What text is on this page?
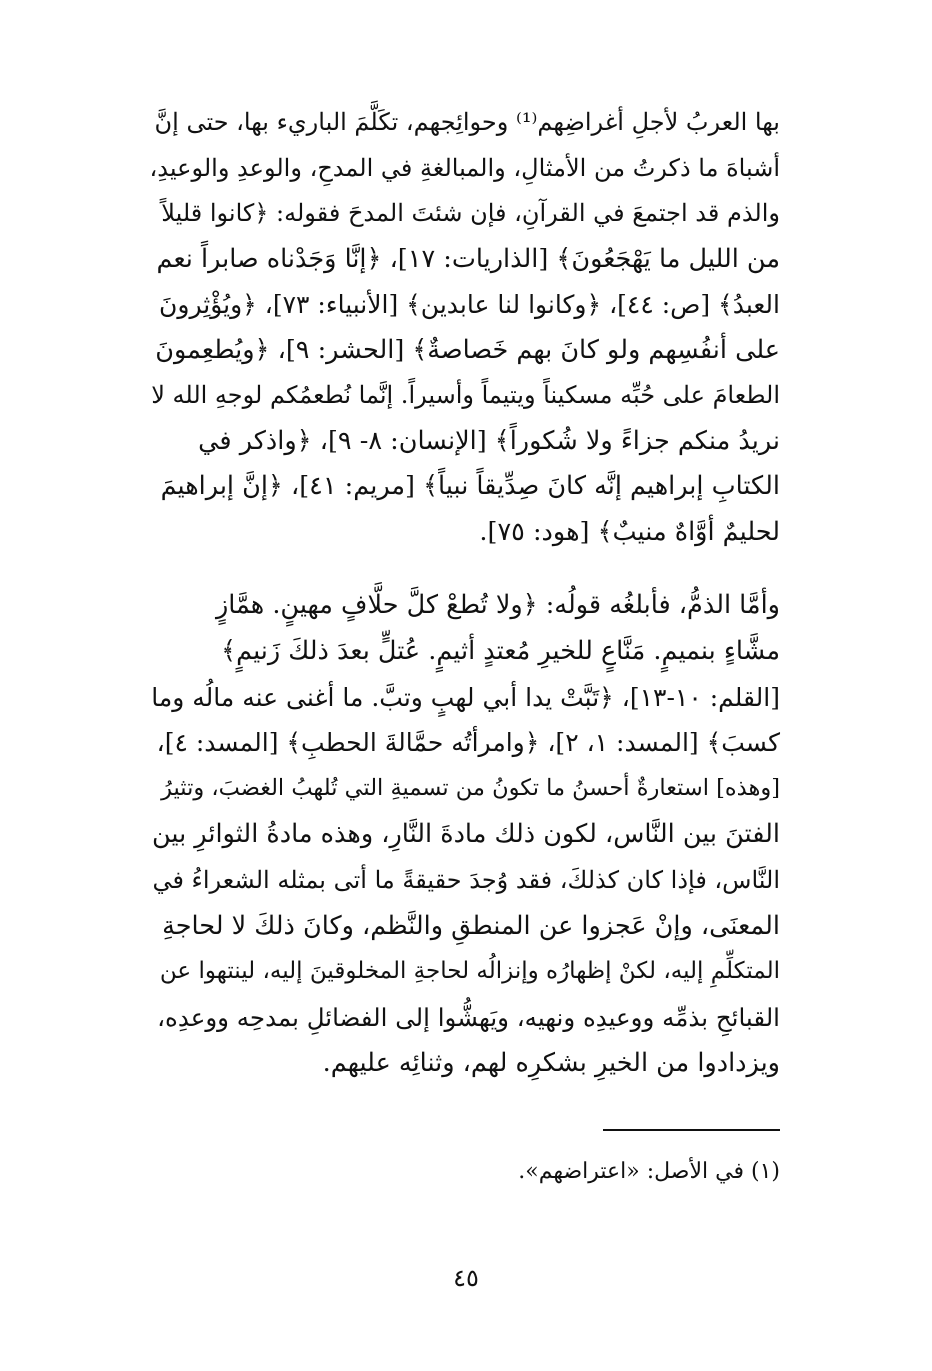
بها العربُ لأجلِ أغراضِهم⁽¹⁾ وحوائِجهم، تكَلَّمَ الباريء بها، حتى إنَّ
أشباهَ ما ذكرتُ من الأمثالِ، والمبالغةِ في المدحِ، والوعدِ والوعيدِ،
والذم قد اجتمعَ في القرآنِ، فإن شئتَ المدحَ فقوله: ﴿كانوا قليلاً
من الليل ما يَهْجَعُونَ﴾ [الذاريات: ١٧]، ﴿إنَّا وَجَدْناه صابراً نعم
العبدُ﴾ [ص: ٤٤]، ﴿وكانوا لنا عابدين﴾ [الأنبياء: ٧٣]، ﴿ويُؤْثِرونَ
على أنفُسِهم ولو كانَ بهم خَصاصةٌ﴾ [الحشر: ٩]، ﴿ويُطعِمونَ
الطعامَ على حُبِّه مسكيناً ويتيماً وأسيراً. إنَّما نُطعمُكم لوجهِ الله لا
نريدُ منكم جزاءً ولا شُكوراً﴾ [الإنسان: ٨- ٩]، ﴿واذكر في
الكتابِ إبراهيم إنَّه كانَ صِدِّيقاً نبياً﴾ [مريم: ٤١]، ﴿إنَّ إبراهيمَ
لحليمٌ أوَّاهٌ منيبٌ﴾ [هود: ٧٥].
وأمَّا الذمُّ، فأبلغُه قولُه: ﴿ولا تُطعْ كلَّ حلَّافٍ مهينٍ. همَّازٍ
مشَّاءٍ بنميمٍ. مَنَّاعٍ للخيرِ مُعتدٍ أثيمٍ. عُتلٍّ بعدَ ذلكَ زَنيمٍ﴾
[القلم: ١٠-١٣]، ﴿تَبَّتْ يدا أبي لهبٍ وتبَّ. ما أغنى عنه مالُه وما
كسبَ﴾ [المسد: ١، ٢]، ﴿وامرأتُه حمَّالةَ الحطبِ﴾ [المسد: ٤]،
[وهذه] استعارةٌ أحسنُ ما تكونُ من تسميةِ التي تُلهبُ الغضبَ، وتثيرُ
الفتنَ بين النَّاس، لكون ذلك مادةَ النَّارِ، وهذه مادةُ الثوائرِ بين
النَّاس، فإذا كان كذلكَ، فقد وُجدَ حقيقةً ما أتى بمثله الشعراءُ في
المعنَى، وإنْ عَجزوا عن المنطقِ والنَّظم، وكانَ ذلكَ لا لحاجةِ
المتكلِّمِ إليه، لكنْ إظهارُه وإنزالُه لحاجةِ المخلوقينَ إليه، لينتهوا عن
القبائحِ بذمِّه ووعيدِه ونهيه، ويَهشُّوا إلى الفضائلِ بمدحِه ووعدِه،
ويزدادوا من الخيرِ بشكرِه لهم، وثنائِه عليهم.
(١) في الأصل: «اعتراضهم».
٤٥
